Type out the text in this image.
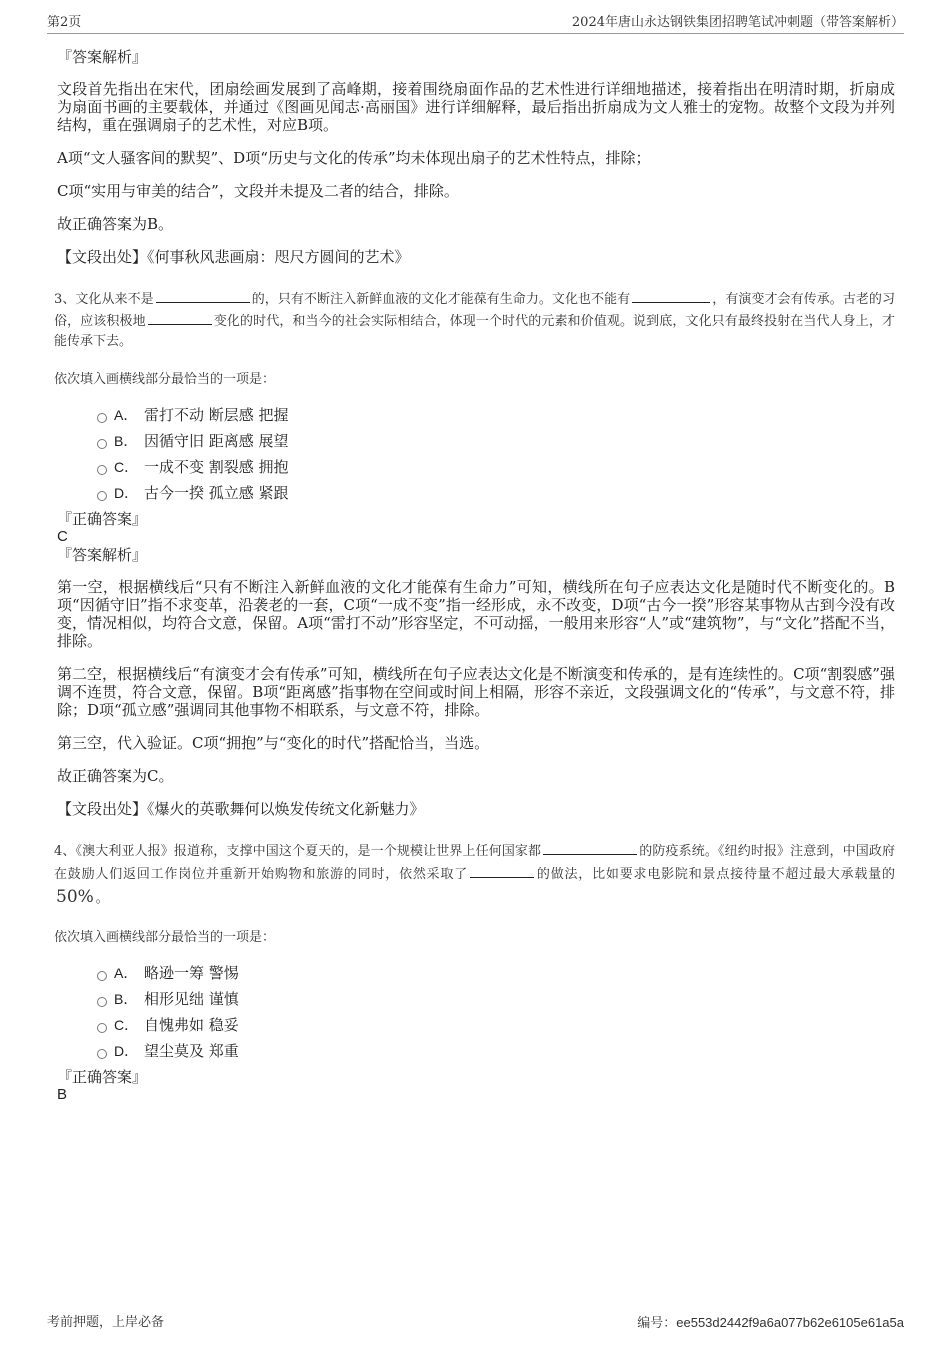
第2页	2024年唐山永达钢铁集团招聘笔试冲刺题（带答案解析）

『答案解析』

文段首先指出在宋代，团扇绘画发展到了高峰期，接着围绕扇面作品的艺术性进行详细地描述，接着指出在明清时期，折扇成为扇面书画的主要载体，并通过《图画见闻志·高丽国》进行详细解释，最后指出折扇成为文人雅士的宠物。故整个文段为并列结构，重在强调扇子的艺术性，对应B项。

A项“文人骚客间的默契”、D项“历史与文化的传承”均未体现出扇子的艺术性特点，排除；

C项“实用与审美的结合”，文段并未提及二者的结合，排除。

故正确答案为B。

【文段出处】《何事秋风悲画扇：咫尺方圆间的艺术》

3、文化从来不是	的，只有不断注入新鲜血液的文化才能葆有生命力。文化也不能有	，有演变才会有传承。古老的习俗，应该积极地	变化的时代，和当今的社会实际相结合，体现一个时代的元素和价值观。说到底，文化只有最终投射在当代人身上，才能传承下去。

依次填入画横线部分最恰当的一项是：

A． 雷打不动 断层感 把握
B． 因循守旧 距离感 展望
C． 一成不变 割裂感 拥抱
D． 古今一揆 孤立感 紧跟

『正确答案』

C

『答案解析』

第一空，根据横线后“只有不断注入新鲜血液的文化才能葆有生命力”可知，横线所在句子应表达文化是随时代不断变化的。B项“因循守旧”指不求变革，沿袭老的一套，C项“一成不变”指一经形成，永不改变，D项“古今一揆”形容某事物从古到今没有改变，情况相似，均符合文意，保留。A项“雷打不动”形容坚定，不可动摇，一般用来形容“人”或“建筑物”，与“文化”搭配不当，排除。

第二空，根据横线后“有演变才会有传承”可知，横线所在句子应表达文化是不断演变和传承的，是有连续性的。C项“割裂感”强调不连贯，符合文意，保留。B项“距离感”指事物在空间或时间上相隔，形容不亲近，文段强调文化的“传承”，与文意不符，排除；D项“孤立感”强调同其他事物不相联系，与文意不符，排除。

第三空，代入验证。C项“拥抱”与“变化的时代”搭配恰当，当选。

故正确答案为C。

【文段出处】《爆火的英歌舞何以焕发传统文化新魅力》

4、《澳大利亚人报》报道称，支撑中国这个夏天的，是一个规模让世界上任何国家都	的防疫系统。《纽约时报》注意到，中国政府在鼓励人们返回工作岗位并重新开始购物和旅游的同时，依然采取了	的做法，比如要求电影院和景点接待量不超过最大承载量的50% 。

依次填入画横线部分最恰当的一项是：

A． 略逊一筹 警惕
B． 相形见绌 谨慎
C． 自愧弗如 稳妥
D． 望尘莫及 郑重

『正确答案』

B

考前押题，上岸必备	编号：ee553d2442f9a6a077b62e6105e61a5a
